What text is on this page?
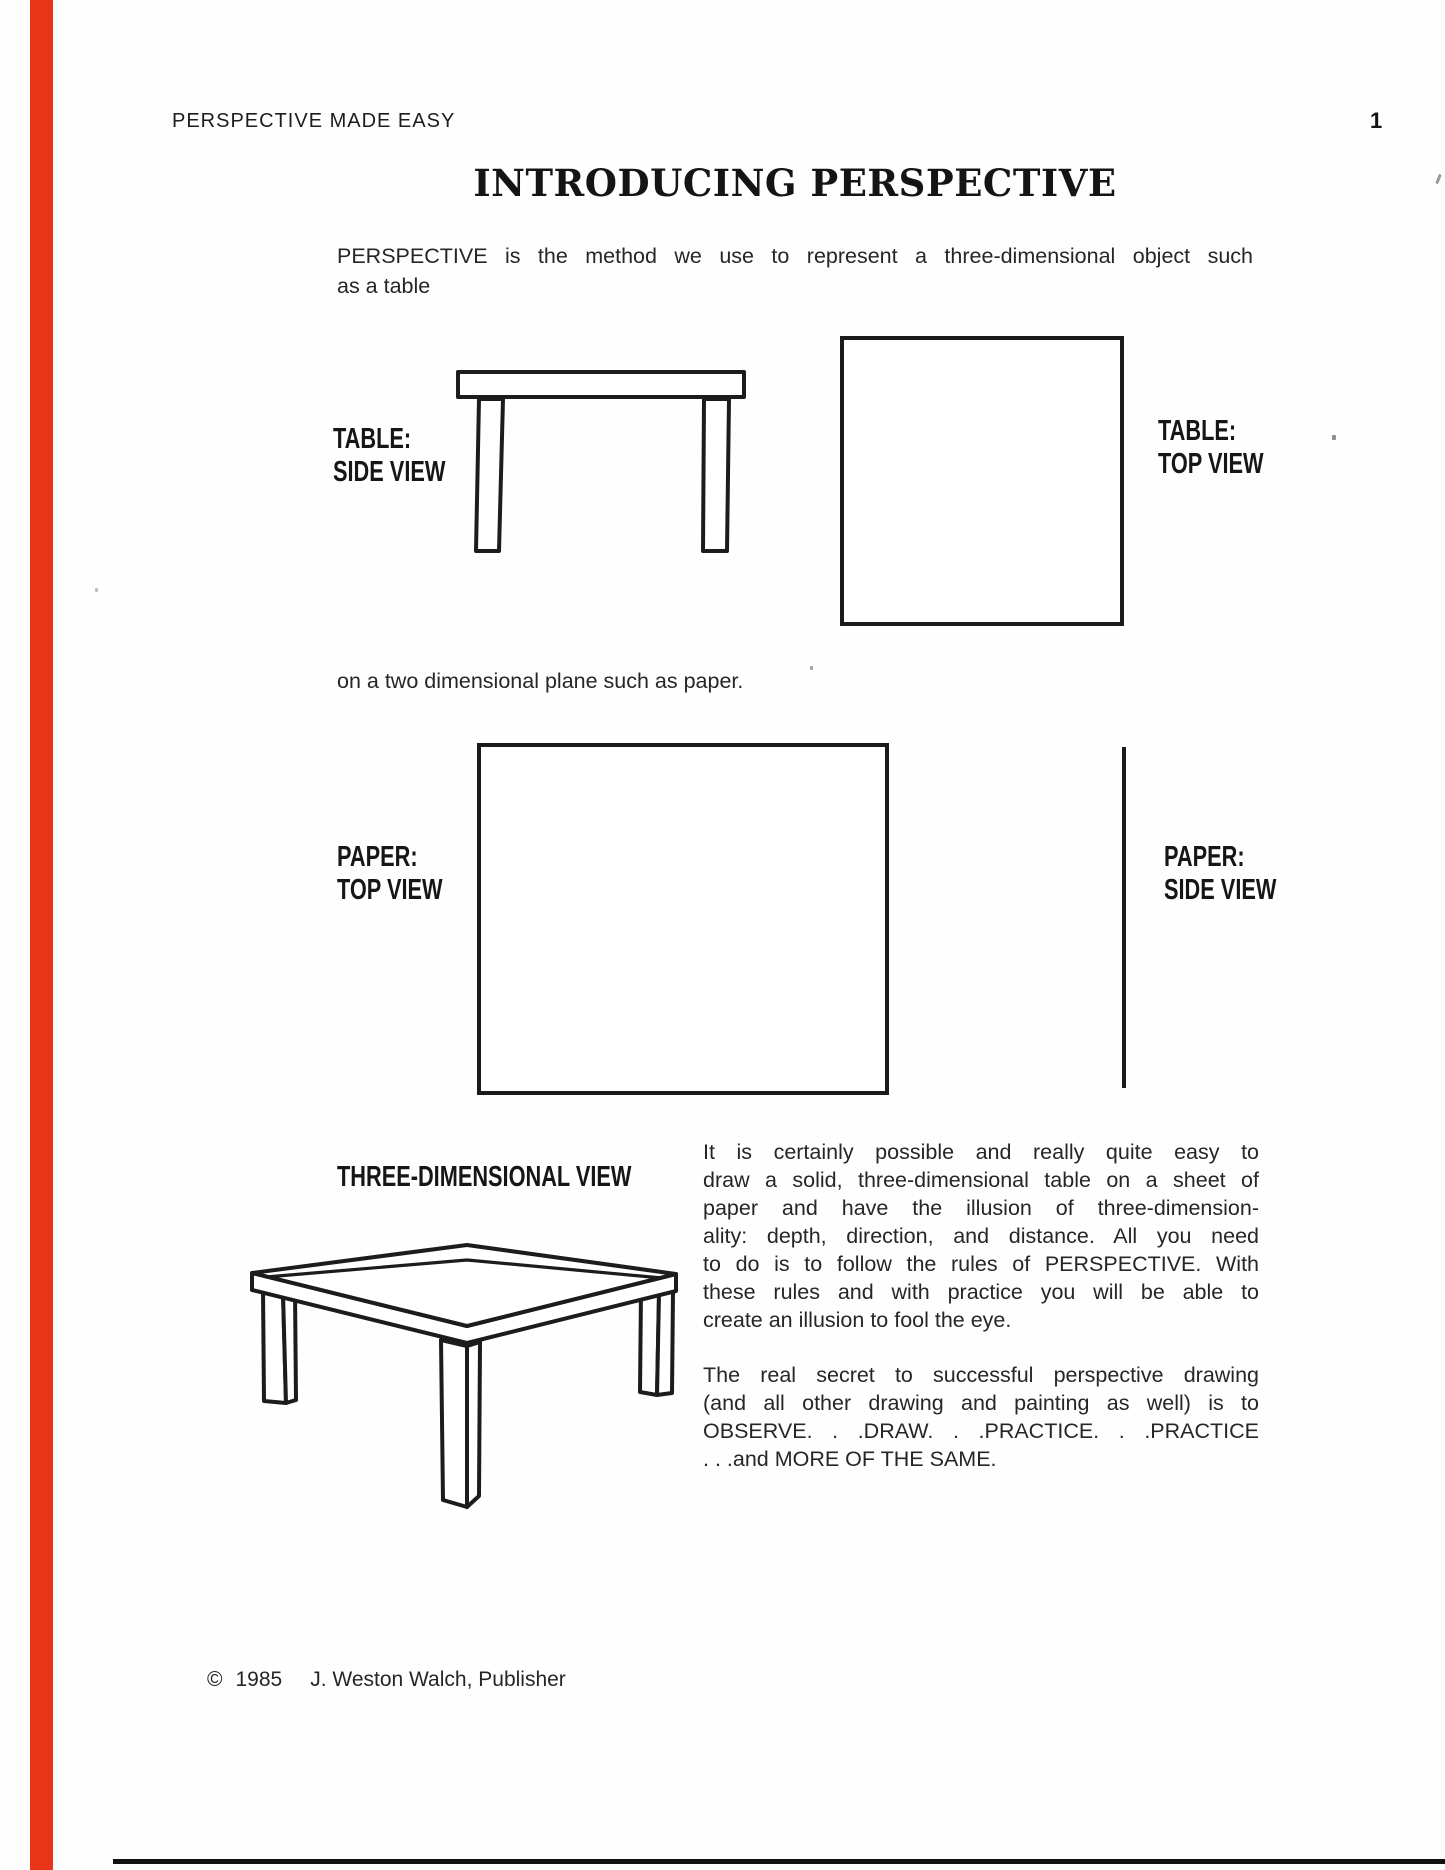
PERSPECTIVE MADE EASY	1
INTRODUCING PERSPECTIVE
PERSPECTIVE is the method we use to represent a three-dimensional object such
as a table
TABLE:
SIDE VIEW
TABLE:
TOP VIEW
on a two dimensional plane such as paper.
PAPER:
TOP VIEW
PAPER:
SIDE VIEW
THREE-DIMENSIONAL VIEW
It is certainly possible and really quite easy to
draw a solid, three-dimensional table on a sheet of
paper and have the illusion of three-dimension-
ality: depth, direction, and distance. All you need
to do is to follow the rules of PERSPECTIVE. With
these rules and with practice you will be able to
create an illusion to fool the eye.
The real secret to successful perspective drawing
(and all other drawing and painting as well) is to
OBSERVE. . .DRAW. . .PRACTICE. . .PRACTICE
. . .and MORE OF THE SAME.
© 1985 J. Weston Walch, Publisher
